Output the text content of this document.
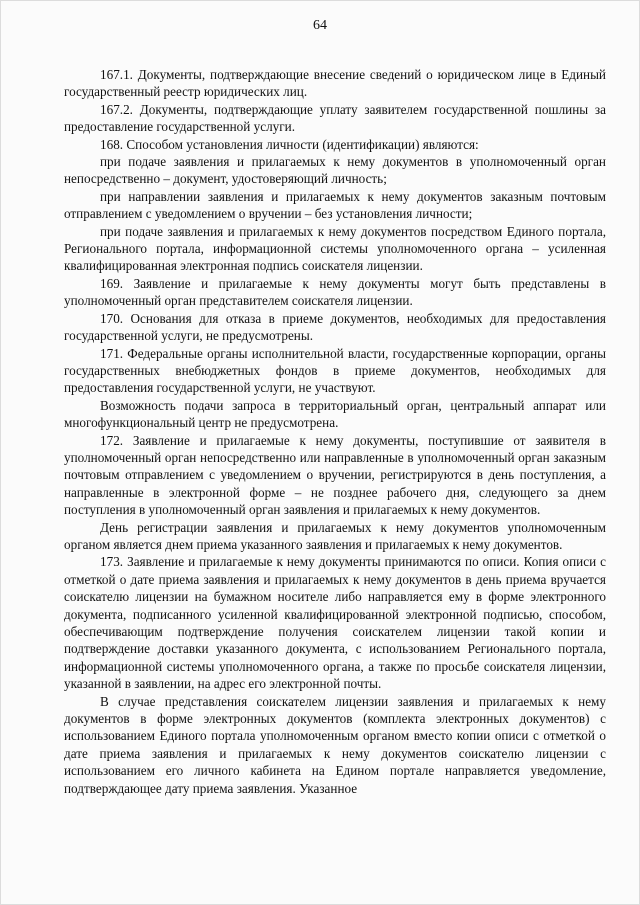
64

167.1. Документы, подтверждающие внесение сведений о юридическом лице в Единый государственный реестр юридических лиц.

167.2. Документы, подтверждающие уплату заявителем государственной пошлины за предоставление государственной услуги.

168. Способом установления личности (идентификации) являются:

при подаче заявления и прилагаемых к нему документов в уполномоченный орган непосредственно – документ, удостоверяющий личность;

при направлении заявления и прилагаемых к нему документов заказным почтовым отправлением с уведомлением о вручении – без установления личности;

при подаче заявления и прилагаемых к нему документов посредством Единого портала, Регионального портала, информационной системы уполномоченного органа – усиленная квалифицированная электронная подпись соискателя лицензии.

169. Заявление и прилагаемые к нему документы могут быть представлены в уполномоченный орган представителем соискателя лицензии.

170. Основания для отказа в приеме документов, необходимых для предоставления государственной услуги, не предусмотрены.

171. Федеральные органы исполнительной власти, государственные корпорации, органы государственных внебюджетных фондов в приеме документов, необходимых для предоставления государственной услуги, не участвуют.

Возможность подачи запроса в территориальный орган, центральный аппарат или многофункциональный центр не предусмотрена.

172. Заявление и прилагаемые к нему документы, поступившие от заявителя в уполномоченный орган непосредственно или направленные в уполномоченный орган заказным почтовым отправлением с уведомлением о вручении, регистрируются в день поступления, а направленные в электронной форме – не позднее рабочего дня, следующего за днем поступления в уполномоченный орган заявления и прилагаемых к нему документов.

День регистрации заявления и прилагаемых к нему документов уполномоченным органом является днем приема указанного заявления и прилагаемых к нему документов.

173. Заявление и прилагаемые к нему документы принимаются по описи. Копия описи с отметкой о дате приема заявления и прилагаемых к нему документов в день приема вручается соискателю лицензии на бумажном носителе либо направляется ему в форме электронного документа, подписанного усиленной квалифицированной электронной подписью, способом, обеспечивающим подтверждение получения соискателем лицензии такой копии и подтверждение доставки указанного документа, с использованием Регионального портала, информационной системы уполномоченного органа, а также по просьбе соискателя лицензии, указанной в заявлении, на адрес его электронной почты.

В случае представления соискателем лицензии заявления и прилагаемых к нему документов в форме электронных документов (комплекта электронных документов) с использованием Единого портала уполномоченным органом вместо копии описи с отметкой о дате приема заявления и прилагаемых к нему документов соискателю лицензии с использованием его личного кабинета на Едином портале направляется уведомление, подтверждающее дату приема заявления. Указанное
